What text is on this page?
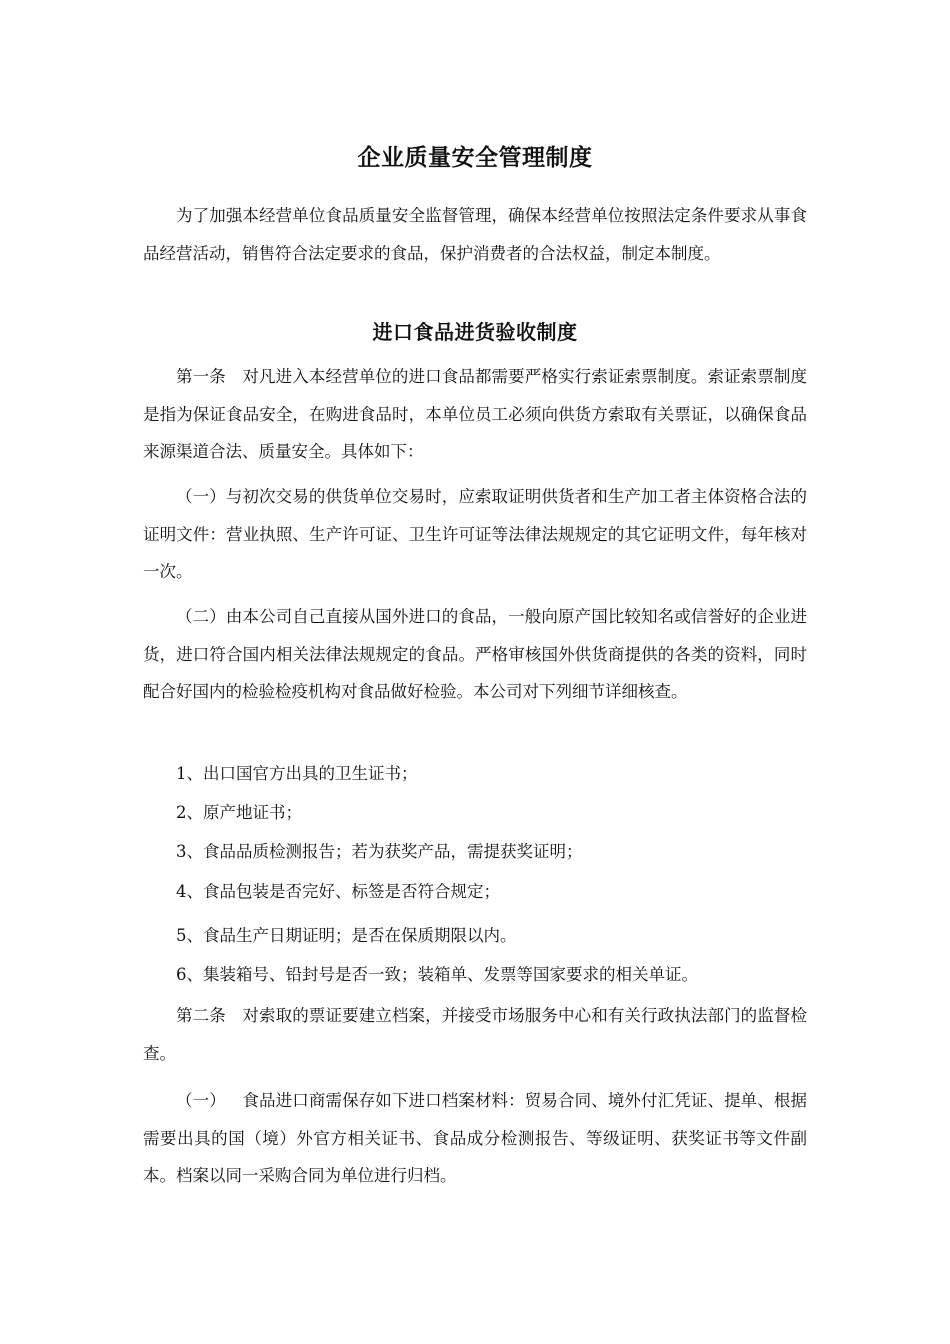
企业质量安全管理制度

为了加强本经营单位食品质量安全监督管理，确保本经营单位按照法定条件要求从事食品经营活动，销售符合法定要求的食品，保护消费者的合法权益，制定本制度。

进口食品进货验收制度

第一条 对凡进入本经营单位的进口食品都需要严格实行索证索票制度。索证索票制度是指为保证食品安全，在购进食品时，本单位员工必须向供货方索取有关票证，以确保食品来源渠道合法、质量安全。具体如下：

（一）与初次交易的供货单位交易时，应索取证明供货者和生产加工者主体资格合法的证明文件：营业执照、生产许可证、卫生许可证等法律法规规定的其它证明文件，每年核对一次。

（二）由本公司自己直接从国外进口的食品，一般向原产国比较知名或信誉好的企业进货，进口符合国内相关法律法规规定的食品。严格审核国外供货商提供的各类的资料，同时配合好国内的检验检疫机构对食品做好检验。本公司对下列细节详细核查。

1、出口国官方出具的卫生证书；

2、原产地证书；

3、食品品质检测报告；若为获奖产品，需提获奖证明；

4、食品包装是否完好、标签是否符合规定；

5、食品生产日期证明；是否在保质期限以内。

6、集装箱号、铅封号是否一致；装箱单、发票等国家要求的相关单证。

第二条 对索取的票证要建立档案，并接受市场服务中心和有关行政执法部门的监督检查。

（一） 食品进口商需保存如下进口档案材料：贸易合同、境外付汇凭证、提单、根据需要出具的国（境）外官方相关证书、食品成分检测报告、等级证明、获奖证书等文件副本。档案以同一采购合同为单位进行归档。
